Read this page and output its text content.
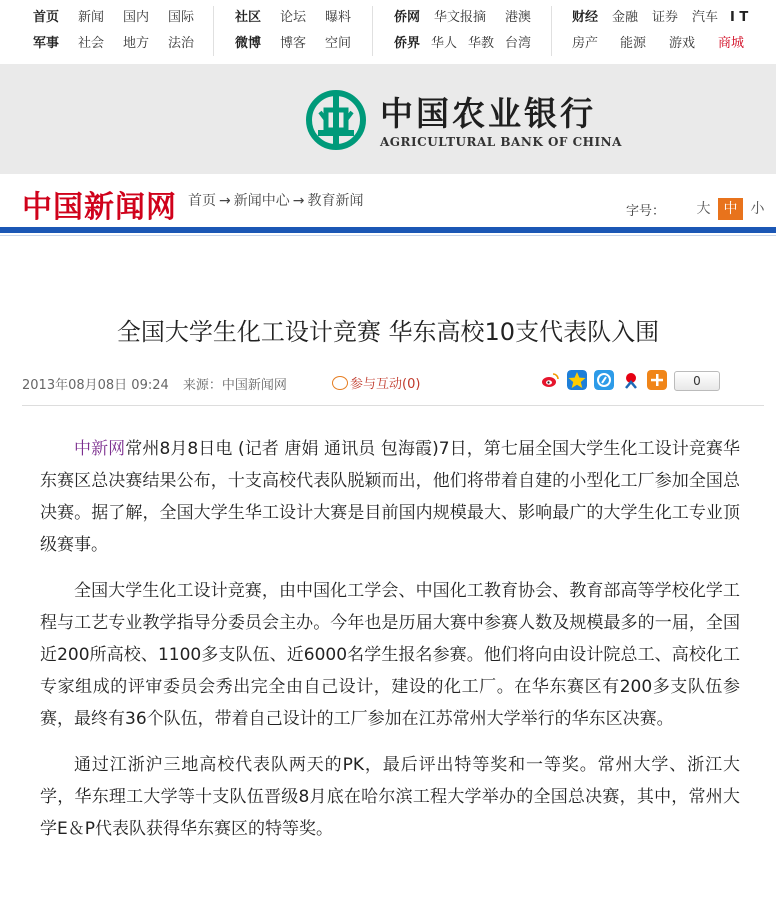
首页 新闻 国内 国际
军事 社会 地方 法治
社区 论坛 曝料
微博 博客 空间
侨网 华文报摘 港澳
侨界 华人 华教 台湾
财经 金融 证券 汽车 I T
房产 能源 游戏 商城
中国农业银行
AGRICULTURAL BANK OF CHINA
中国新闻网 首页 → 新闻中心 → 教育新闻
字号：	大 中 小
全国大学生化工设计竞赛 华东高校10支代表队入围
2013年08月08日 09:24 来源：中国新闻网	参与互动(0)	0

中新网常州8月8日电 (记者 唐娟 通讯员 包海霞)7日，第七届全国大学生化工设计竞赛华东赛区总决赛结果公布，十支高校代表队脱颖而出，他们将带着自建的小型化工厂参加全国总决赛。据了解，全国大学生华工设计大赛是目前国内规模最大、影响最广的大学生化工专业顶级赛事。

全国大学生化工设计竞赛，由中国化工学会、中国化工教育协会、教育部高等学校化学工程与工艺专业教学指导分委员会主办。今年也是历届大赛中参赛人数及规模最多的一届，全国近200所高校、1100多支队伍、近6000名学生报名参赛。他们将向由设计院总工、高校化工专家组成的评审委员会秀出完全由自己设计，建设的化工厂。在华东赛区有200多支队伍参赛，最终有36个队伍，带着自己设计的工厂参加在江苏常州大学举行的华东区决赛。

通过江浙沪三地高校代表队两天的PK，最后评出特等奖和一等奖。常州大学、浙江大学，华东理工大学等十支队伍晋级8月底在哈尔滨工程大学举办的全国总决赛，其中，常州大学E＆P代表队获得华东赛区的特等奖。
